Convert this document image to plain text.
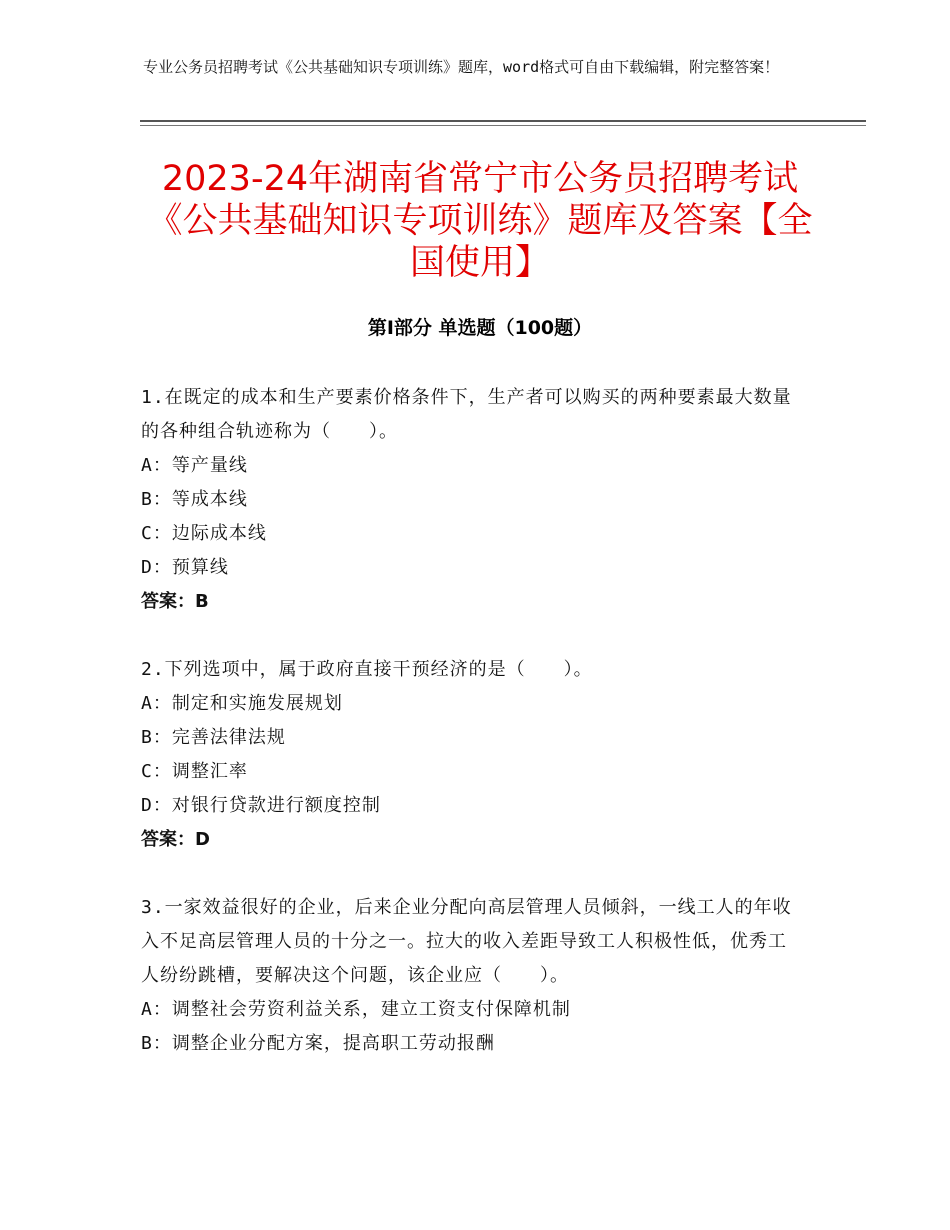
专业公务员招聘考试《公共基础知识专项训练》题库，word格式可自由下载编辑，附完整答案！
2023-24年湖南省常宁市公务员招聘考试《公共基础知识专项训练》题库及答案【全国使用】
第Ⅰ部分 单选题（100题）

1.在既定的成本和生产要素价格条件下，生产者可以购买的两种要素最大数量的各种组合轨迹称为（　　）。

A：等产量线

B：等成本线

C：边际成本线

D：预算线

答案：B

2.下列选项中，属于政府直接干预经济的是（　　）。

A：制定和实施发展规划

B：完善法律法规

C：调整汇率

D：对银行贷款进行额度控制

答案：D

3.一家效益很好的企业，后来企业分配向高层管理人员倾斜，一线工人的年收入不足高层管理人员的十分之一。拉大的收入差距导致工人积极性低，优秀工人纷纷跳槽，要解决这个问题，该企业应（　　）。

A：调整社会劳资利益关系，建立工资支付保障机制

B：调整企业分配方案，提高职工劳动报酬
